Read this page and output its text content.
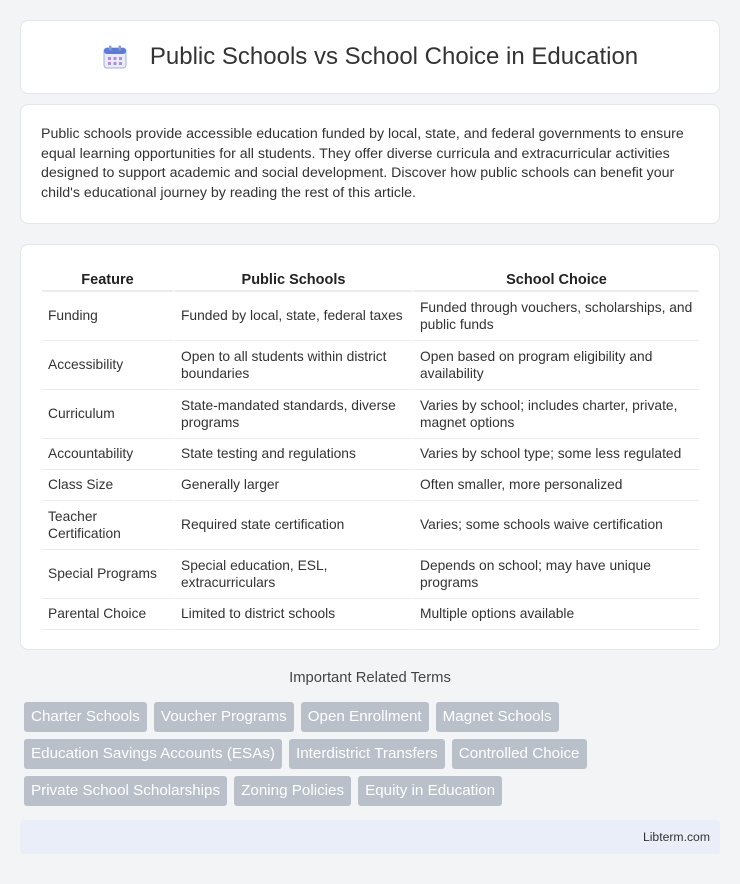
Public Schools vs School Choice in Education

Public schools provide accessible education funded by local, state, and federal governments to ensure equal learning opportunities for all students. They offer diverse curricula and extracurricular activities designed to support academic and social development. Discover how public schools can benefit your child's educational journey by reading the rest of this article.

Feature	Public Schools	School Choice
Funding	Funded by local, state, federal taxes	Funded through vouchers, scholarships, and public funds
Accessibility	Open to all students within district boundaries	Open based on program eligibility and availability
Curriculum	State-mandated standards, diverse programs	Varies by school; includes charter, private, magnet options
Accountability	State testing and regulations	Varies by school type; some less regulated
Class Size	Generally larger	Often smaller, more personalized
Teacher Certification	Required state certification	Varies; some schools waive certification
Special Programs	Special education, ESL, extracurriculars	Depends on school; may have unique programs
Parental Choice	Limited to district schools	Multiple options available
Important Related Terms
Charter Schools	Voucher Programs	Open Enrollment	Magnet Schools
Education Savings Accounts (ESAs)	Interdistrict Transfers	Controlled Choice
Private School Scholarships	Zoning Policies	Equity in Education
Libterm.com
